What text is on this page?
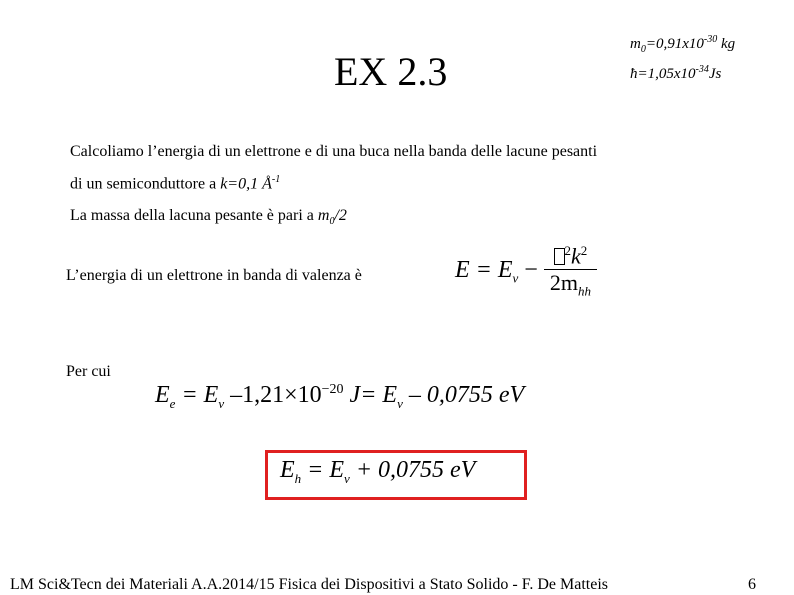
EX 2.3
$m_0=0,91x10^{-30}$ kg
$ħ=1,05x10^{-34}Js$
Calcoliamo l’energia di un elettrone e di una buca nella banda delle lacune pesanti
di un semiconduttore a k=0,1 $Å^{-1}$
La massa della lacuna pesante è pari a $m_0/2$
L’energia di un elettrone in banda di valenza è	$E = E_v - \frac{^2k^2}{2m_{hh}}$
Per cui
$E_e = E_v$ $-1,21\times 10^{-20}$ $J= E_v - 0,0755$ eV
$E_h = E_v + 0,0755$ eV
LM Sci&Tecn dei Materiali A.A.2014/15 Fisica dei Dispositivi a Stato Solido - F. De Matteis	6
